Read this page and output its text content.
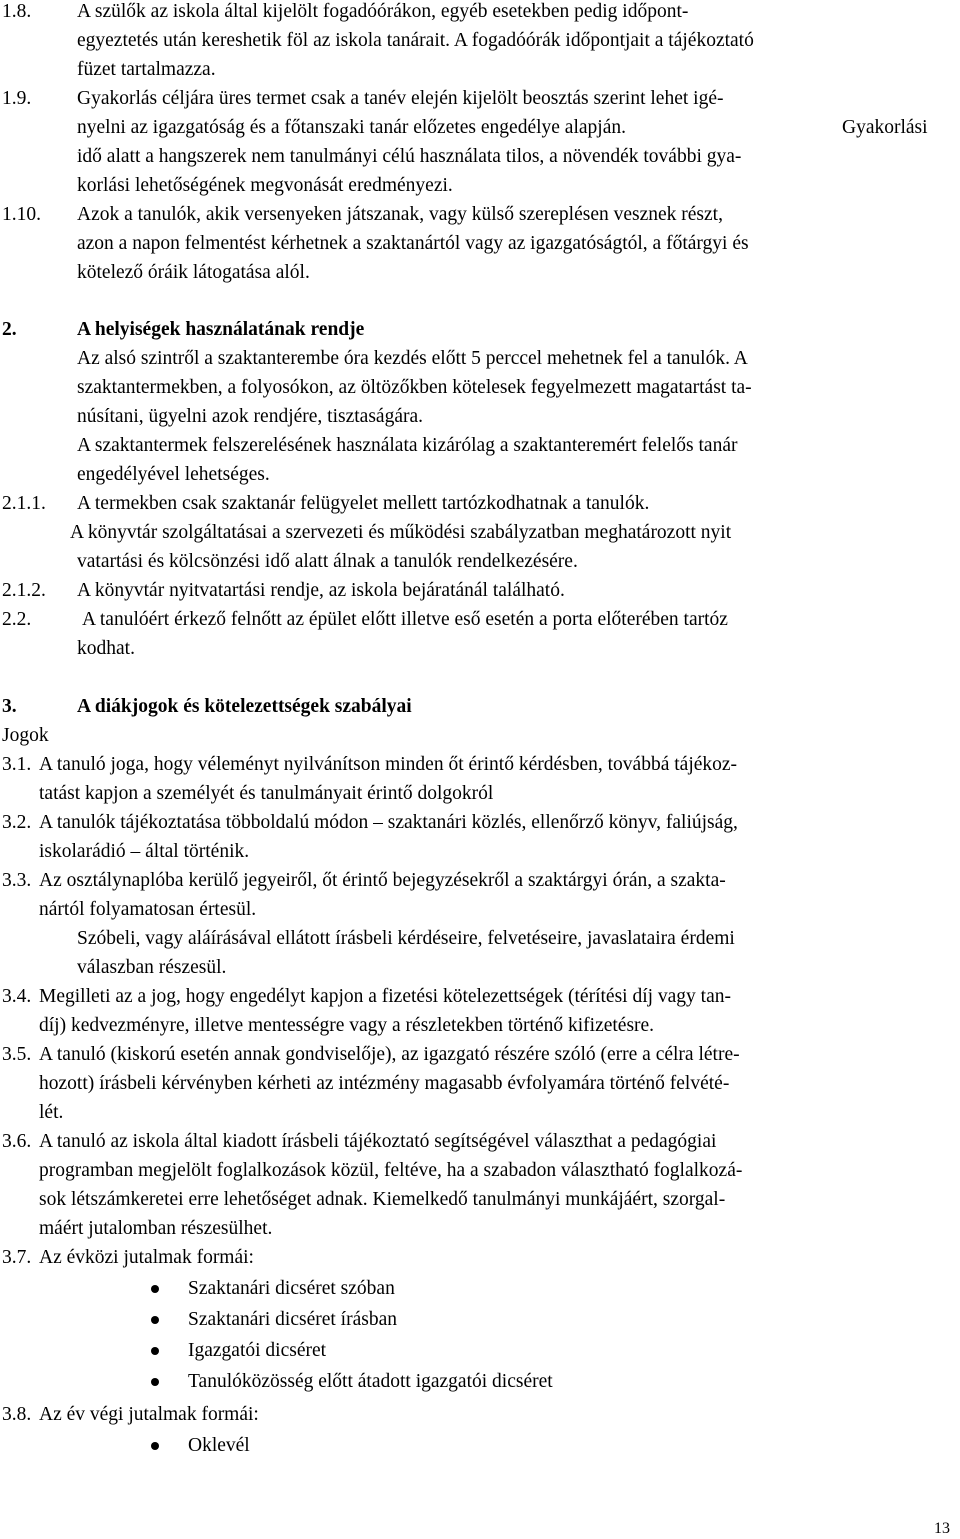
1.8. A szülők az iskola által kijelölt fogadóórákon, egyéb esetekben pedig időpont-
egyeztetés után kereshetik föl az iskola tanárait. A fogadóórák időpontjait a tájékoztató
füzet tartalmazza.
1.9. Gyakorlás céljára üres termet csak a tanév elején kijelölt beosztás szerint lehet igé-
nyelni az igazgatóság és a főtanszaki tanár előzetes engedélye alapján.	Gyakorlási
idő alatt a hangszerek nem tanulmányi célú használata tilos, a növendék további gya-
korlási lehetőségének megvonását eredményezi.
1.10. Azok a tanulók, akik versenyeken játszanak, vagy külső szereplésen vesznek részt,
azon a napon felmentést kérhetnek a szaktanártól vagy az igazgatóságtól, a főtárgyi és
kötelező óráik látogatása alól.
2.	A helyiségek használatának rendje
Az alsó szintről a szaktanterembe óra kezdés előtt 5 perccel mehetnek fel a tanulók. A
szaktantermekben, a folyosókon, az öltözőkben kötelesek fegyelmezett magatartást ta-
núsítani, ügyelni azok rendjére, tisztaságára.
A szaktantermek felszerelésének használata kizárólag a szaktanteremért felelős tanár
engedélyével lehetséges.
2.1.1. A termekben csak szaktanár felügyelet mellett tartózkodhatnak a tanulók.
A könyvtár szolgáltatásai a szervezeti és működési szabályzatban meghatározott nyit
vatartási és kölcsönzési idő alatt álnak a tanulók rendelkezésére.
2.1.2. A könyvtár nyitvatartási rendje, az iskola bejáratánál található.
2.2.	A tanulóért érkező felnőtt az épület előtt illetve eső esetén a porta előterében tartóz
kodhat.
3.	A diákjogok és kötelezettségek szabályai
Jogok
3.1. A tanuló joga, hogy véleményt nyilvánítson minden őt érintő kérdésben, továbbá tájékoz-
tatást kapjon a személyét és tanulmányait érintő dolgokról
3.2. A tanulók tájékoztatása többoldalú módon – szaktanári közlés, ellenőrző könyv, faliújság,
iskolarádió – által történik.
3.3. Az osztálynaplóba kerülő jegyeiről, őt érintő bejegyzésekről a szaktárgyi órán, a szakta-
nártól folyamatosan értesül.
Szóbeli, vagy aláírásával ellátott írásbeli kérdéseire, felvetéseire, javaslataira érdemi
válaszban részesül.
3.4. Megilleti az a jog, hogy engedélyt kapjon a fizetési kötelezettségek (térítési díj vagy tan-
díj) kedvezményre, illetve mentességre vagy a részletekben történő kifizetésre.
3.5. A tanuló (kiskorú esetén annak gondviselője), az igazgató részére szóló (erre a célra létre-
hozott) írásbeli kérvényben kérheti az intézmény magasabb évfolyamára történő felvété-
lét.
3.6. A tanuló az iskola által kiadott írásbeli tájékoztató segítségével választhat a pedagógiai
programban megjelölt foglalkozások közül, feltéve, ha a szabadon választható foglalkozá-
sok létszámkeretei erre lehetőséget adnak. Kiemelkedő tanulmányi munkájáért, szorgal-
máért jutalomban részesülhet.
3.7. Az évközi jutalmak formái:
Szaktanári dicséret szóban
Szaktanári dicséret írásban
Igazgatói dicséret
Tanulóközösség előtt átadott igazgatói dicséret
3.8. Az év végi jutalmak formái:
Oklevél
13
